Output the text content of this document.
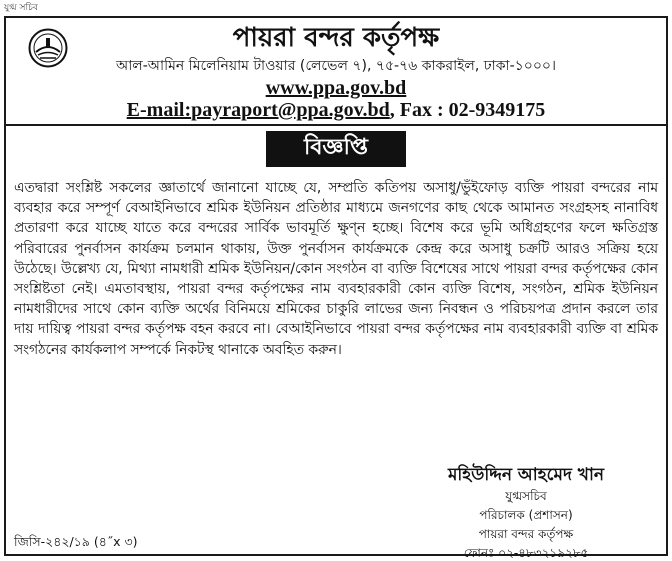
যুগ্ম সচিব
পায়রা বন্দর কর্তৃপক্ষ
আল-আমিন মিলেনিয়াম টাওয়ার (লেভেল ৭), ৭৫-৭৬ কাকরাইল, ঢাকা-১০০০।
www.ppa.gov.bd
E-mail:payraport@ppa.gov.bd, Fax : 02-9349175
বিজ্ঞপ্তি

এতদ্বারা সংশ্লিষ্ট সকলের জ্ঞাতার্থে জানানো যাচ্ছে যে, সম্প্রতি কতিপয় অসাধু/ভুঁইফোড় ব্যক্তি পায়রা বন্দরের নাম ব্যবহার করে সম্পূর্ণ বেআইনিভাবে শ্রমিক ইউনিয়ন প্রতিষ্ঠার মাধ্যমে জনগণের কাছ থেকে আমানত সংগ্রহসহ নানাবিধ প্রতারণা করে যাচ্ছে যাতে করে বন্দরের সার্বিক ভাবমূর্তি ক্ষুণ্ন হচ্ছে। বিশেষ করে ভূমি অধিগ্রহণের ফলে ক্ষতিগ্রস্ত পরিবারের পুনর্বাসন কার্যক্রম চলমান থাকায়, উক্ত পুনর্বাসন কার্যক্রমকে কেন্দ্র করে অসাধু চক্রটি আরও সক্রিয় হয়ে উঠেছে। উল্লেখ্য যে, মিথ্যা নামধারী শ্রমিক ইউনিয়ন/কোন সংগঠন বা ব্যক্তি বিশেষের সাথে পায়রা বন্দর কর্তৃপক্ষের কোন সংশ্লিষ্টতা নেই। এমতাবস্থায়, পায়রা বন্দর কর্তৃপক্ষের নাম ব্যবহারকারী কোন ব্যক্তি বিশেষ, সংগঠন, শ্রমিক ইউনিয়ন নামধারীদের সাথে কোন ব্যক্তি অর্থের বিনিময়ে শ্রমিকের চাকুরি লাভের জন্য নিবন্ধন ও পরিচয়পত্র প্রদান করলে তার দায় দায়িত্ব পায়রা বন্দর কর্তৃপক্ষ বহন করবে না। বেআইনিভাবে পায়রা বন্দর কর্তৃপক্ষের নাম ব্যবহারকারী ব্যক্তি বা শ্রমিক সংগঠনের কার্যকলাপ সম্পর্কে নিকটস্থ থানাকে অবহিত করুন।

মহিউদ্দিন আহমেদ খান
যুগ্মসচিব
পরিচালক (প্রশাসন)
পায়রা বন্দর কর্তৃপক্ষ
ফোনঃ ০২-৪৮৩২১৯২৮৫
জিসি-২৪২/১৯ (৪˝x ৩)
